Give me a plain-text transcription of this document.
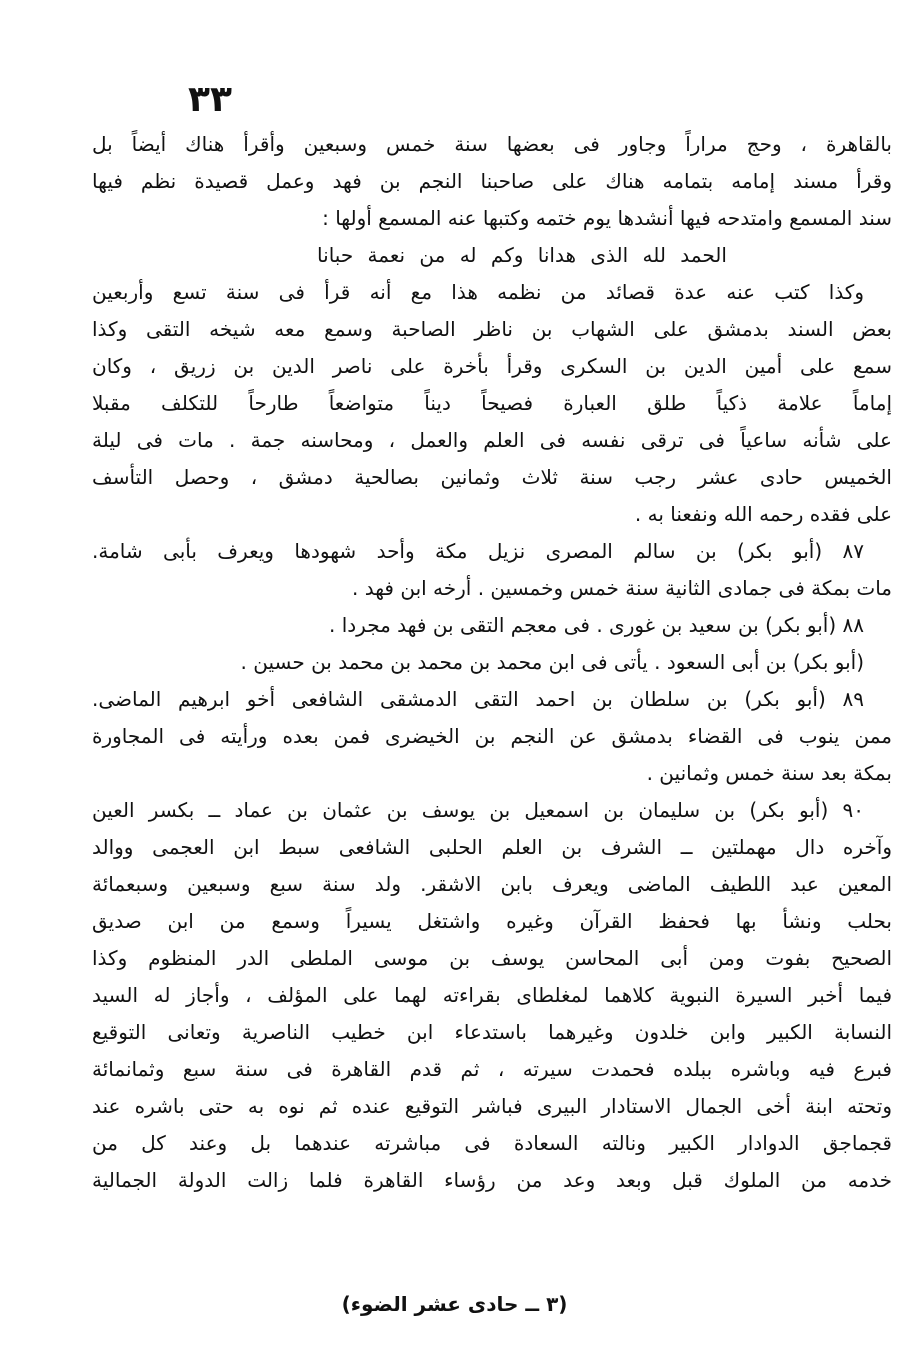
٣٣
بالقاهرة ، وحج مراراً وجاور فى بعضها سنة خمس وسبعين وأقرأ هناك أيضاً بل
وقرأ مسند إمامه بتمامه هناك على صاحبنا النجم بن فهد وعمل قصيدة نظم فيها
سند المسمع وامتدحه فيها أنشدها يوم ختمه وكتبها عنه المسمع أولها :
الحمد لله الذى هدانا وكم له من نعمة حبانا
وكذا كتب عنه عدة قصائد من نظمه هذا مع أنه قرأ فى سنة تسع وأربعين
بعض السند بدمشق على الشهاب بن ناظر الصاحبة وسمع معه شيخه التقى وكذا
سمع على أمين الدين بن السكرى وقرأ بأخرة على ناصر الدين بن زريق ، وكان
إماماً علامة ذكياً طلق العبارة فصيحاً ديناً متواضعاً طارحاً للتكلف مقبلا
على شأنه ساعياً فى ترقى نفسه فى العلم والعمل ، ومحاسنه جمة . مات فى ليلة
الخميس حادى عشر رجب سنة ثلاث وثمانين بصالحية دمشق ، وحصل التأسف
على فقده رحمه الله ونفعنا به .
٨٧ (أبو بكر) بن سالم المصرى نزيل مكة وأحد شهودها ويعرف بأبى شامة.
مات بمكة فى جمادى الثانية سنة خمس وخمسين . أرخه ابن فهد .
٨٨ (أبو بكر) بن سعيد بن غورى . فى معجم التقى بن فهد مجردا .
(أبو بكر) بن أبى السعود . يأتى فى ابن محمد بن محمد بن محمد بن حسين .
٨٩ (أبو بكر) بن سلطان بن احمد التقى الدمشقى الشافعى أخو ابرهيم الماضى.
ممن ينوب فى القضاء بدمشق عن النجم بن الخيضرى فمن بعده ورأيته فى المجاورة
بمكة بعد سنة خمس وثمانين .
٩٠ (أبو بكر) بن سليمان بن اسمعيل بن يوسف بن عثمان بن عماد ــ بكسر العين
وآخره دال مهملتين ــ الشرف بن العلم الحلبى الشافعى سبط ابن العجمى ووالد
المعين عبد اللطيف الماضى ويعرف بابن الاشقر. ولد سنة سبع وسبعين وسبعمائة
بحلب ونشأ بها فحفظ القرآن وغيره واشتغل يسيراً وسمع من ابن صديق
الصحيح بفوت ومن أبى المحاسن يوسف بن موسى الملطى الدر المنظوم وكذا
فيما أخبر السيرة النبوية كلاهما لمغلطاى بقراءته لهما على المؤلف ، وأجاز له السيد
النسابة الكبير وابن خلدون وغيرهما باستدعاء ابن خطيب الناصرية وتعانى التوقيع
فبرع فيه وباشره ببلده فحمدت سيرته ، ثم قدم القاهرة فى سنة سبع وثمانمائة
وتحته ابنة أخى الجمال الاستادار البيرى فباشر التوقيع عنده ثم نوه به حتى باشره عند
قجماجق الدوادار الكبير ونالته السعادة فى مباشرته عندهما بل وعند كل من
خدمه من الملوك قبل وبعد وعد من رؤساء القاهرة فلما زالت الدولة الجمالية
(٣ ــ حادى عشر الضوء)
